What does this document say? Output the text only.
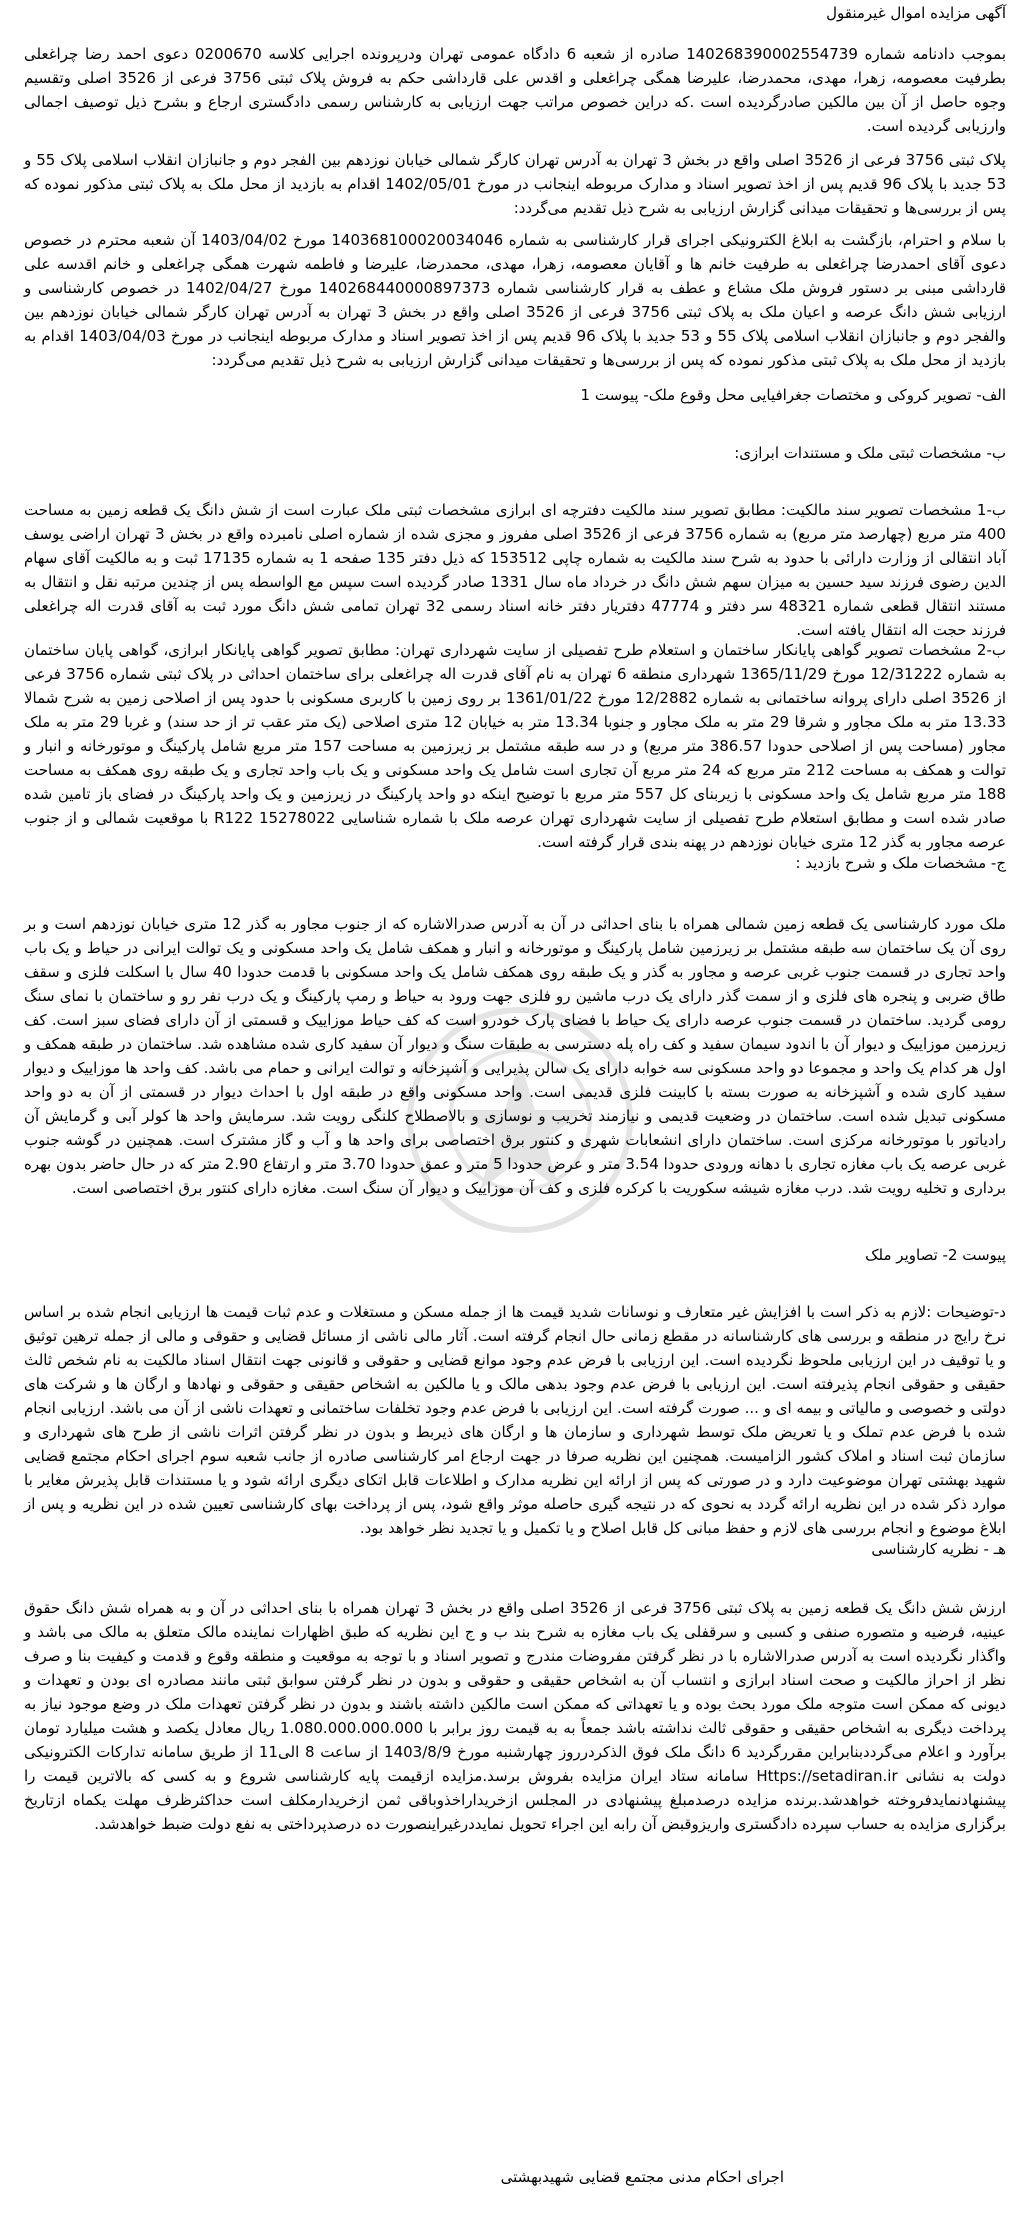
آگهی مزایده اموال غیرمنقول

بموجب دادنامه شماره 140268390002554739 صادره از شعبه 6 دادگاه عمومی تهران ودرپرونده اجرایی کلاسه 0200670 دعوی احمد رضا چراغعلی بطرفیت معصومه، زهرا، مهدی، محمدرضا، علیرضا همگی چراغعلی و اقدس علی قارداشی حکم به فروش پلاک ثبتی 3756 فرعی از 3526 اصلی وتقسیم وجوه حاصل از آن بین مالکین صادرگردیده است .که دراین خصوص مراتب جهت ارزیابی به کارشناس رسمی دادگستری ارجاع و بشرح ذیل توصیف اجمالی وارزیابی گردیده است.

پلاک ثبتی 3756 فرعی از 3526 اصلی واقع در بخش 3 تهران به آدرس تهران کارگر شمالی خیابان نوزدهم بین الفجر دوم و جانبازان انقلاب اسلامی پلاک 55 و 53 جدید با پلاک 96 قدیم پس از اخذ تصویر اسناد و مدارک مربوطه اینجانب در مورخ 1402/05/01 اقدام به بازدید از محل ملک به پلاک ثبتی مذکور نموده که پس از بررسی‌ها و تحقیقات میدانی گزارش ارزیابی به شرح ذیل تقدیم می‌گردد:

با سلام و احترام، بازگشت به ابلاغ الکترونیکی اجرای قرار کارشناسی به شماره 140368100020034046 مورخ 1403/04/02 آن شعبه محترم در خصوص دعوی آقای احمدرضا چراغعلی به طرفیت خانم ها و آقایان معصومه، زهرا، مهدی، محمدرضا، علیرضا و فاطمه شهرت همگی چراغعلی و خانم اقدسه علی قارداشی مبنی بر دستور فروش ملک مشاع و عطف به قرار کارشناسی شماره 140268440000897373 مورخ 1402/04/27 در خصوص کارشناسی و ارزیابی شش دانگ عرصه و اعیان ملک به پلاک ثبتی 3756 فرعی از 3526 اصلی واقع در بخش 3 تهران به آدرس تهران کارگر شمالی خیابان نوزدهم بین والفجر دوم و جانبازان انقلاب اسلامی پلاک 55 و 53 جدید با پلاک 96 قدیم پس از اخذ تصویر اسناد و مدارک مربوطه اینجانب در مورخ 1403/04/03 اقدام به بازدید از محل ملک به پلاک ثبتی مذکور نموده که پس از بررسی‌ها و تحقیقات میدانی گزارش ارزیابی به شرح ذیل تقدیم می‌گردد:

الف- تصویر کروکی و مختصات جغرافیایی محل وقوع ملک- پیوست 1

ب- مشخصات ثبتی ملک و مستندات ابرازی:

ب-1 مشخصات تصویر سند مالکیت: مطابق تصویر سند مالکیت دفترچه ای ابرازی مشخصات ثبتی ملک عبارت است از شش دانگ یک قطعه زمین به مساحت 400 متر مربع (چهارصد متر مربع) به شماره 3756 فرعی از 3526 اصلی مفروز و مجزی شده از شماره اصلی نامبرده واقع در بخش 3 تهران اراضی یوسف آباد انتقالی از وزارت دارائی با حدود به شرح سند مالکیت به شماره چاپی 153512 که ذیل دفتر 135 صفحه 1 به شماره 17135 ثبت و به مالکیت آقای سهام الدین رضوی فرزند سید حسین به میزان سهم شش دانگ در خرداد ماه سال 1331 صادر گردیده است سپس مع الواسطه پس از چندین مرتبه نقل و انتقال به مستند انتقال قطعی شماره 48321 سر دفتر و 47774 دفتریار دفتر خانه اسناد رسمی 32 تهران تمامی شش دانگ مورد ثبت به آقای قدرت اله چراغعلی فرزند حجت اله انتقال یافته است.

ب-2 مشخصات تصویر گواهی پایانکار ساختمان و استعلام طرح تفصیلی از سایت شهرداری تهران: مطابق تصویر گواهی پایانکار ابرازی، گواهی پایان ساختمان به شماره 12/31222 مورخ 1365/11/29 شهرداری منطقه 6 تهران به نام آقای قدرت اله چراغعلی برای ساختمان احداثی در پلاک ثبتی شماره 3756 فرعی از 3526 اصلی دارای پروانه ساختمانی به شماره 12/2882 مورخ 1361/01/22 بر روی زمین با کاربری مسکونی با حدود پس از اصلاحی زمین به شرح شمالا 13.33 متر به ملک مجاور و شرقا 29 متر به ملک مجاور و جنوبا 13.34 متر به خیابان 12 متری اصلاحی (یک متر عقب تر از حد سند) و غربا 29 متر به ملک مجاور (مساحت پس از اصلاحی حدودا 386.57 متر مربع) و در سه طبقه مشتمل بر زیرزمین به مساحت 157 متر مربع شامل پارکینگ و موتورخانه و انبار و توالت و همکف به مساحت 212 متر مربع که 24 متر مربع آن تجاری است شامل یک واحد مسکونی و یک باب واحد تجاری و یک طبقه روی همکف به مساحت 188 متر مربع شامل یک واحد مسکونی با زیربنای کل 557 متر مربع با توضیح اینکه دو واحد پارکینگ در زیرزمین و یک واحد پارکینگ در فضای باز تامین شده صادر شده است و مطابق استعلام طرح تفصیلی از سایت شهرداری تهران عرصه ملک با شماره شناسایی R122 15278022 با موقعیت شمالی و از جنوب عرصه مجاور به گذر 12 متری خیابان نوزدهم در پهنه بندی قرار گرفته است.

ج- مشخصات ملک و شرح بازدید :

ملک مورد کارشناسی یک قطعه زمین شمالی همراه با بنای احداثی در آن به آدرس صدرالاشاره که از جنوب مجاور به گذر 12 متری خیابان نوزدهم است و بر روی آن یک ساختمان سه طبقه مشتمل بر زیرزمین شامل پارکینگ و موتورخانه و انبار و همکف شامل یک واحد مسکونی و یک توالت ایرانی در حیاط و یک باب واحد تجاری در قسمت جنوب غربی عرصه و مجاور به گذر و یک طبقه روی همکف شامل یک واحد مسکونی با قدمت حدودا 40 سال با اسکلت فلزی و سقف طاق ضربی و پنجره های فلزی و از سمت گذر دارای یک درب ماشین رو فلزی جهت ورود به حیاط و رمپ پارکینگ و یک درب نفر رو و ساختمان با نمای سنگ رومی گردید. ساختمان در قسمت جنوب عرصه دارای یک حیاط با فضای پارک خودرو است که کف حیاط موزاییک و قسمتی از آن دارای فضای سبز است. کف زیرزمین موزاییک و دیوار آن با اندود سیمان سفید و کف راه پله دسترسی به طبقات سنگ و دیوار آن سفید کاری شده مشاهده شد. ساختمان در طبقه همکف و اول هر کدام یک واحد و مجموعا دو واحد مسکونی سه خوابه دارای یک سالن پذیرایی و آشپزخانه و توالت ایرانی و حمام می باشد. کف واحد ها موزاییک و دیوار سفید کاری شده و آشپزخانه به صورت بسته با کابینت فلزی قدیمی است. واحد مسکونی واقع در طبقه اول با احداث دیوار در قسمتی از آن به دو واحد مسکونی تبدیل شده است. ساختمان در وضعیت قدیمی و نیازمند تخریب و نوسازی و بالاصطلاح کلنگی رویت شد. سرمایش واحد ها کولر آبی و گرمایش آن رادیاتور با موتورخانه مرکزی است. ساختمان دارای انشعابات شهری و کنتور برق اختصاصی برای واحد ها و آب و گاز مشترک است. همچنین در گوشه جنوب غربی عرصه یک باب مغازه تجاری با دهانه ورودی حدودا 3.54 متر و عرض حدودا 5 متر و عمق حدودا 3.70 متر و ارتفاع 2.90 متر که در حال حاضر بدون بهره برداری و تخلیه رویت شد. درب مغازه شیشه سکوریت با کرکره فلزی و کف آن موزاییک و دیوار آن سنگ است. مغازه دارای کنتور برق اختصاصی است.

پیوست 2- تصاویر ملک

د-توضیحات :لازم به ذکر است با افزایش غیر متعارف و نوسانات شدید قیمت ها از جمله مسکن و مستغلات و عدم ثبات قیمت ها ارزیابی انجام شده بر اساس نرخ رایج در منطقه و بررسی های کارشناسانه در مقطع زمانی حال انجام گرفته است. آثار مالی ناشی از مسائل قضایی و حقوقی و مالی از جمله ترهین توثیق و یا توقیف در این ارزیابی ملحوظ نگردیده است. این ارزیابی با فرض عدم وجود موانع قضایی و حقوقی و قانونی جهت انتقال اسناد مالکیت به نام شخص ثالث حقیقی و حقوقی انجام پذیرفته است. این ارزیابی با فرض عدم وجود بدهی مالک و یا مالکین به اشخاص حقیقی و حقوقی و نهادها و ارگان ها و شرکت های دولتی و خصوصی و مالیاتی و بیمه ای و ... صورت گرفته است. این ارزیابی با فرض عدم وجود تخلفات ساختمانی و تعهدات ناشی از آن می باشد. ارزیابی انجام شده با فرض عدم تملک و یا تعریض ملک توسط شهرداری و سازمان ها و ارگان های ذیربط و بدون در نظر گرفتن اثرات ناشی از طرح های شهرداری و سازمان ثبت اسناد و املاک کشور الزامیست. همچنین این نظریه صرفا در جهت ارجاع امر کارشناسی صادره از جانب شعبه سوم اجرای احکام مجتمع قضایی شهید بهشتی تهران موضوعیت دارد و در صورتی که پس از ارائه این نظریه مدارک و اطلاعات قابل اتکای دیگری ارائه شود و یا مستندات قابل پذیرش مغایر با موارد ذکر شده در این نظریه ارائه گردد به نحوی که در نتیجه گیری حاصله موثر واقع شود، پس از پرداخت بهای کارشناسی تعیین شده در این نظریه و پس از ابلاغ موضوع و انجام بررسی های لازم و حفظ مبانی کل قابل اصلاح و یا تکمیل و یا تجدید نظر خواهد بود.

هـ - نظریه کارشناسی

ارزش شش دانگ یک قطعه زمین به پلاک ثبتی 3756 فرعی از 3526 اصلی واقع در بخش 3 تهران همراه با بنای احداثی در آن و به همراه شش دانگ حقوق عینیه، فرضیه و متصوره صنفی و کسبی و سرقفلی یک باب مغازه به شرح بند ب و ج این نظریه که طبق اظهارات نماینده مالک متعلق به مالک می باشد و واگذار نگردیده است به آدرس صدرالاشاره با در نظر گرفتن مفروضات مندرج و تصویر اسناد و با توجه به موقعیت و منطقه وقوع و قدمت و کیفیت بنا و صرف نظر از احراز مالکیت و صحت اسناد ابرازی و انتساب آن به اشخاص حقیقی و حقوقی و بدون در نظر گرفتن سوابق ثبتی مانند مصادره ای بودن و تعهدات و دیونی که ممکن است متوجه ملک مورد بحث بوده و یا تعهداتی که ممکن است مالکین داشته باشند و بدون در نظر گرفتن تعهدات ملک در وضع موجود نیاز به پرداخت دیگری به اشخاص حقیقی و حقوقی ثالث نداشته باشد جمعاً به به قیمت روز برابر با 1.080.000.000.000 ریال معادل یکصد و هشت میلیارد تومان برآورد و اعلام می‌گرددبنابراین مقررگردید 6 دانگ ملک فوق الذکردرروز چهارشنبه مورخ 1403/8/9 از ساعت 8 الی11 از طریق سامانه تدارکات الکترونیکی دولت به نشانی Https://setadiran.ir سامانه ستاد ایران مزایده بفروش برسد.مزایده ازقیمت پایه کارشناسی شروع و به کسی که بالاترین قیمت را پیشنهادنمایدفروخته خواهدشد.برنده مزایده درصدمبلغ پیشنهادی در المجلس ازخریداراخذوباقی ثمن ازخریدارمکلف است حداکثرظرف مهلت یکماه ازتاریخ برگزاری مزایده به حساب سپرده دادگستری واریزوقبض آن رابه این اجراء تحویل نمایددرغیراینصورت ده درصدپرداختی به نفع دولت ضبط خواهدشد.

اجرای احکام مدنی مجتمع قضایی شهیدبهشتی
